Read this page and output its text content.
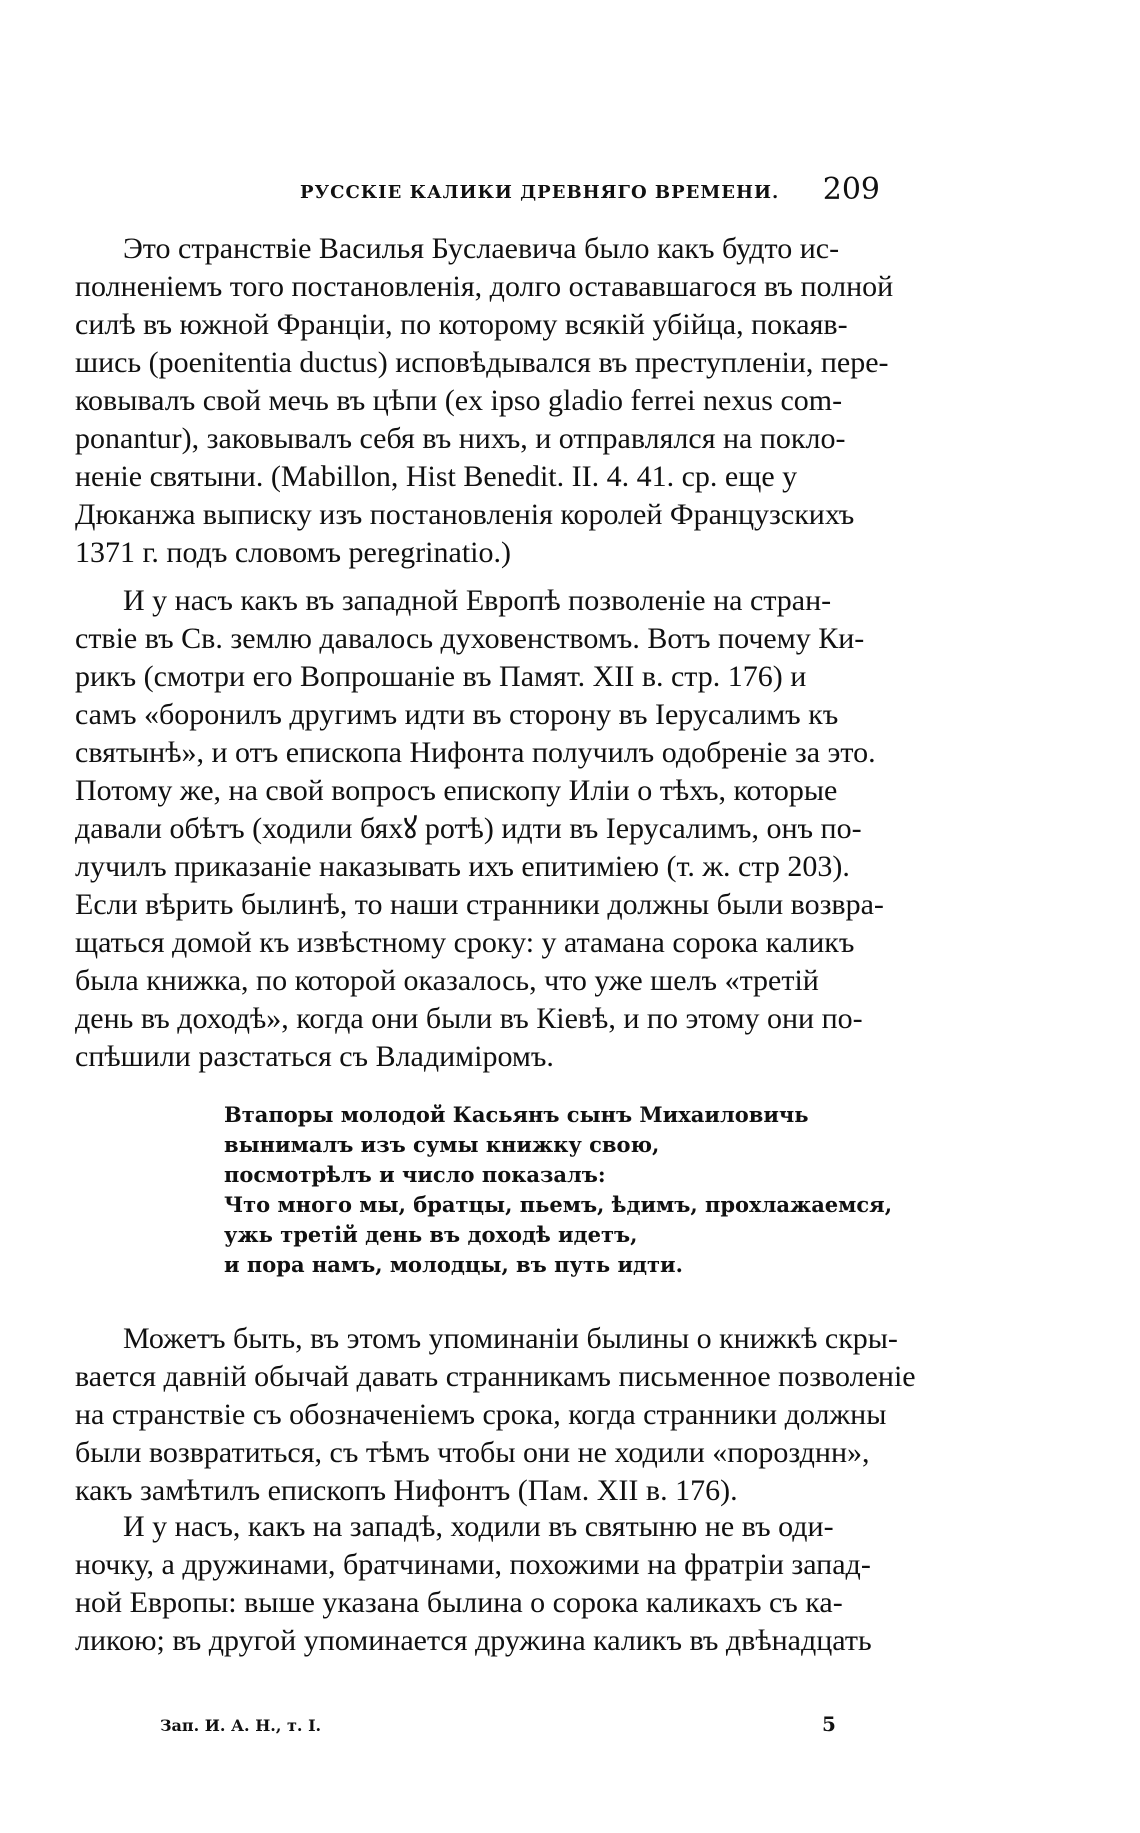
РУССКІЕ КАЛИКИ ДРЕВНЯГО ВРЕМЕНИ. 209
Это странствіе Василья Буслаевича было какъ будто ис-
полненіемъ того постановленія, долго остававшагося въ полной
силѣ въ южной Франціи, по которому всякій убійца, покаяв-
шись (poenitentia ductus) исповѣдывался въ преступленіи, пере-
ковывалъ свой мечь въ цѣпи (ex ipso gladio ferrei nexus com-
ponantur), заковывалъ себя въ нихъ, и отправлялся на покло-
неніе святыни. (Mabillon, Hist Benedit. II. 4. 41. ср. еще у
Дюканжа выписку изъ постановленія королей Французскихъ
1371 г. подъ словомъ peregrinatio.)
И у насъ какъ въ западной Европѣ позволеніе на стран-
ствіе въ Св. землю давалось духовенствомъ. Вотъ почему Ки-
рикъ (смотри его Вопрошаніе въ Памят. XII в. стр. 176) и
самъ «боронилъ другимъ идти въ сторону въ Іерусалимъ къ
святынѣ», и отъ епископа Нифонта получилъ одобреніе за это.
Потому же, на свой вопросъ епископу Иліи о тѣхъ, которые
давали обѣтъ (ходили бяхꙋ ротѣ) идти въ Іерусалимъ, онъ по-
лучилъ приказаніе наказывать ихъ епитиміею (т. ж. стр 203).
Если вѣрить былинѣ, то наши странники должны были возвра-
щаться домой къ извѣстному сроку: у атамана сорока каликъ
была книжка, по которой оказалось, что уже шелъ «третій
день въ доходѣ», когда они были въ Кіевѣ, и по этому они по-
спѣшили разстаться съ Владиміромъ.
Втапоры молодой Касьянъ сынъ Михаиловичь
вынималъ изъ сумы книжку свою,
посмотрѣлъ и число показалъ:
Что много мы, братцы, пьемъ, ѣдимъ, прохлажаемся,
ужь третій день въ доходѣ идетъ,
и пора намъ, молодцы, въ путь идти.
Можетъ быть, въ этомъ упоминаніи былины о книжкѣ скры-
вается давній обычай давать странникамъ письменное позволеніе
на странствіе съ обозначеніемъ срока, когда странники должны
были возвратиться, съ тѣмъ чтобы они не ходили «порозднн»,
какъ замѣтилъ епископъ Нифонтъ (Пам. XII в. 176).
И у насъ, какъ на западѣ, ходили въ святыню не въ оди-
ночку, а дружинами, братчинами, похожими на фратріи запад-
ной Европы: выше указана былина о сорока каликахъ съ ка-
ликою; въ другой упоминается дружина каликъ въ двѣнадцать
Зап. И. А. Н., т. I.	5
